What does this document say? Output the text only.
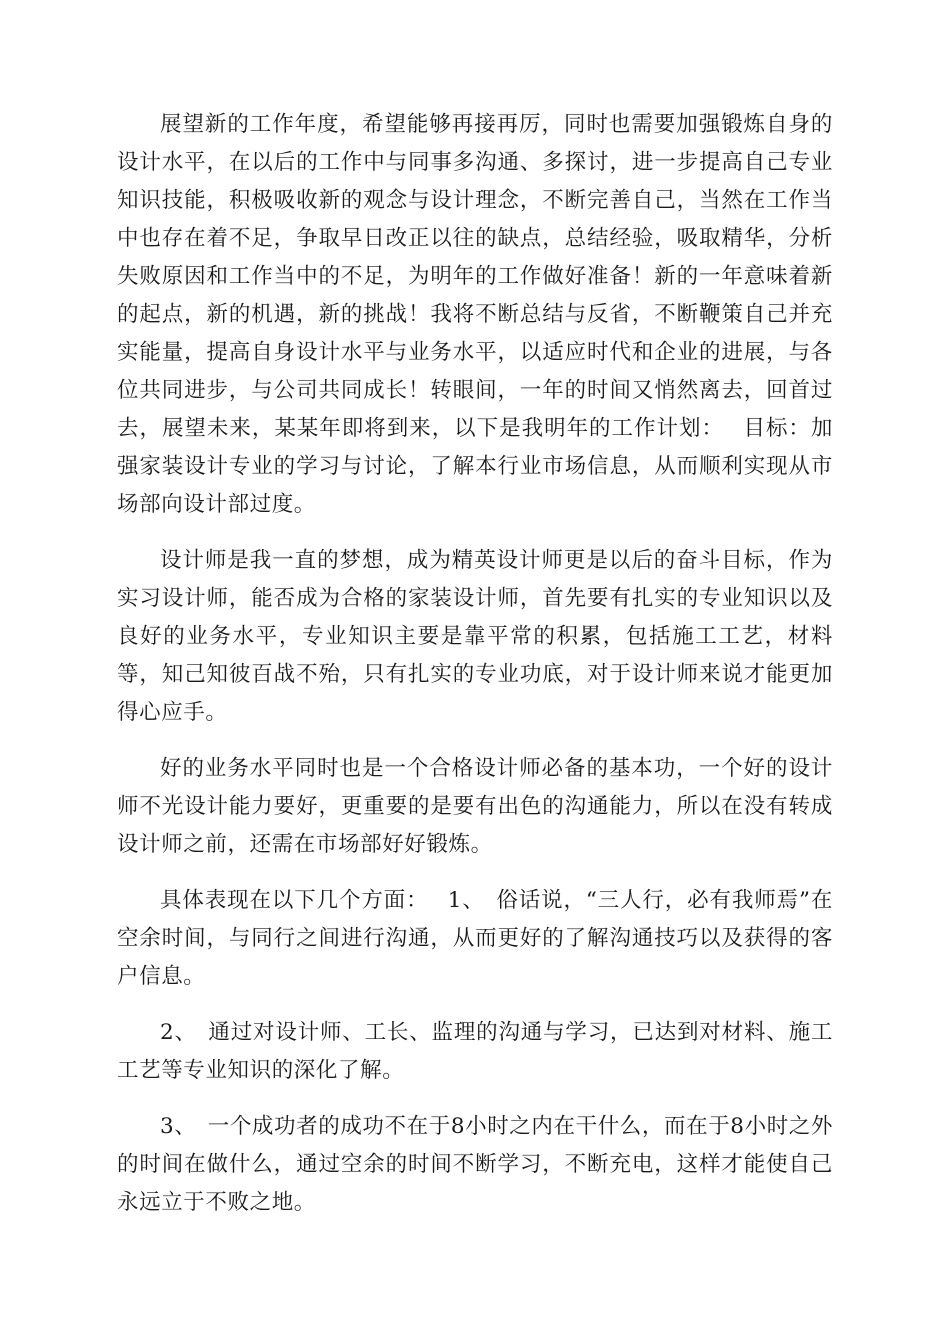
展望新的工作年度，希望能够再接再厉，同时也需要加强锻炼自身的设计水平，在以后的工作中与同事多沟通、多探讨，进一步提高自己专业知识技能，积极吸收新的观念与设计理念，不断完善自己，当然在工作当中也存在着不足，争取早日改正以往的缺点，总结经验，吸取精华，分析失败原因和工作当中的不足，为明年的工作做好准备！新的一年意味着新的起点，新的机遇，新的挑战！我将不断总结与反省，不断鞭策自己并充实能量，提高自身设计水平与业务水平，以适应时代和企业的进展，与各位共同进步，与公司共同成长！转眼间，一年的时间又悄然离去，回首过去，展望未来，某某年即将到来，以下是我明年的工作计划：　 目标：加强家装设计专业的学习与讨论，了解本行业市场信息，从而顺利实现从市场部向设计部过度。

设计师是我一直的梦想，成为精英设计师更是以后的奋斗目标，作为实习设计师，能否成为合格的家装设计师，首先要有扎实的专业知识以及良好的业务水平，专业知识主要是靠平常的积累，包括施工工艺，材料等，知己知彼百战不殆，只有扎实的专业功底，对于设计师来说才能更加得心应手。

好的业务水平同时也是一个合格设计师必备的基本功，一个好的设计师不光设计能力要好，更重要的是要有出色的沟通能力，所以在没有转成设计师之前，还需在市场部好好锻炼。

具体表现在以下几个方面：　 1、　俗话说，“三人行，必有我师焉”在空余时间，与同行之间进行沟通，从而更好的了解沟通技巧以及获得的客户信息。

2、　通过对设计师、工长、监理的沟通与学习，已达到对材料、施工工艺等专业知识的深化了解。

3、　一个成功者的成功不在于8小时之内在干什么，而在于8小时之外的时间在做什么，通过空余的时间不断学习，不断充电，这样才能使自己永远立于不败之地。
